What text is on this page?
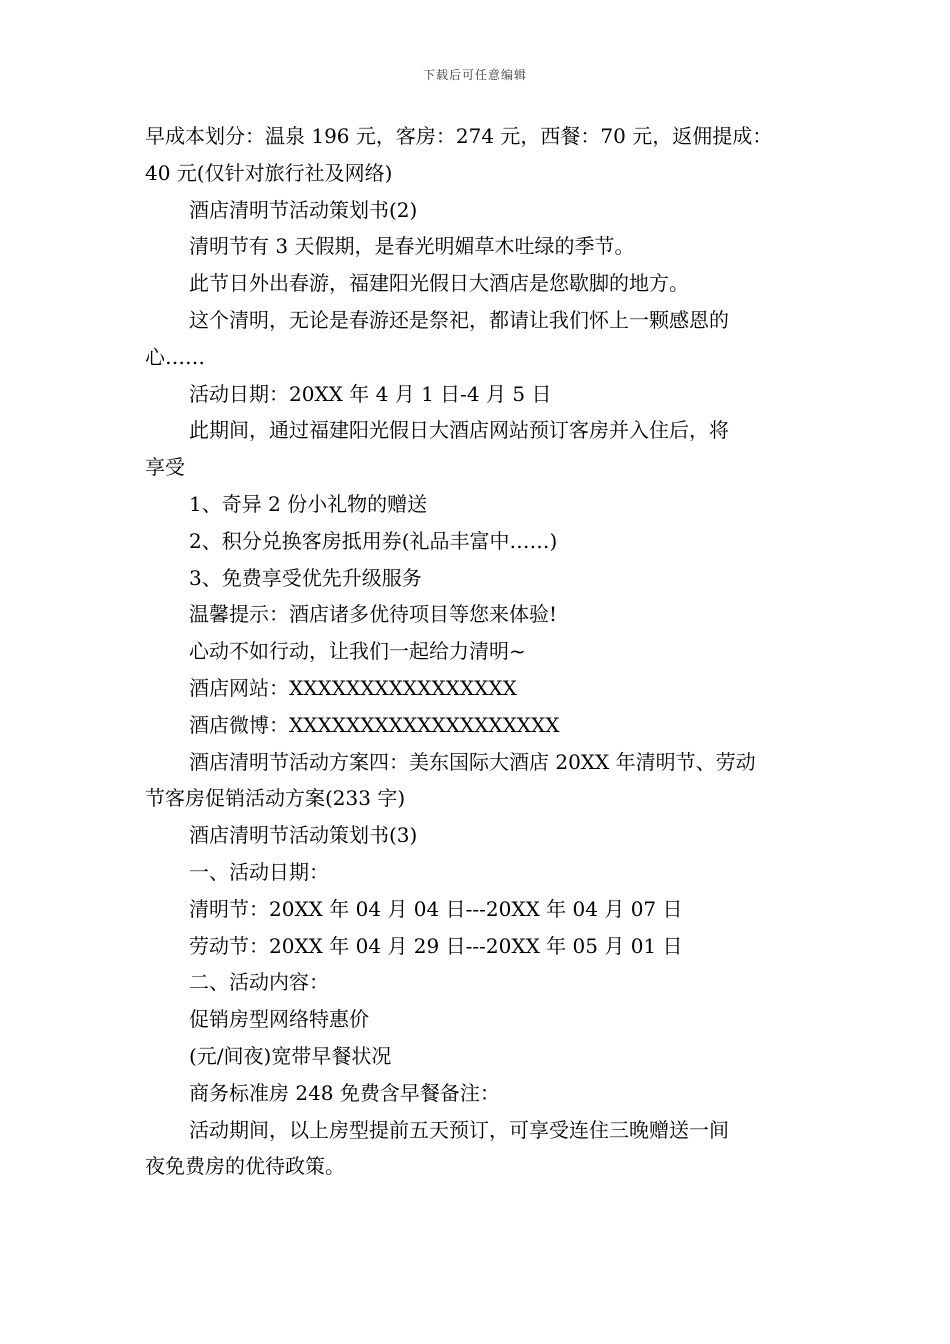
下载后可任意编辑

早成本划分：温泉 196 元，客房：274 元，西餐：70 元，返佣提成：

40 元(仅针对旅行社及网络)

酒店清明节活动策划书(2)

清明节有 3 天假期，是春光明媚草木吐绿的季节。

此节日外出春游，福建阳光假日大酒店是您歇脚的地方。

这个清明，无论是春游还是祭祀，都请让我们怀上一颗感恩的

心……

活动日期：20XX 年 4 月 1 日-4 月 5 日

此期间，通过福建阳光假日大酒店网站预订客房并入住后，将

享受

1、奇异 2 份小礼物的赠送

2、积分兑换客房抵用券(礼品丰富中……)

3、免费享受优先升级服务

温馨提示：酒店诸多优待项目等您来体验!

心动不如行动，让我们一起给力清明~

酒店网站：XXXXXXXXXXXXXXXX

酒店微博：XXXXXXXXXXXXXXXXXXX

酒店清明节活动方案四：美东国际大酒店 20XX 年清明节、劳动

节客房促销活动方案(233 字)

酒店清明节活动策划书(3)

一、活动日期：

清明节：20XX 年 04 月 04 日---20XX 年 04 月 07 日

劳动节：20XX 年 04 月 29 日---20XX 年 05 月 01 日

二、活动内容：

促销房型网络特惠价

(元/间夜)宽带早餐状况

商务标准房 248 免费含早餐备注：

活动期间，以上房型提前五天预订，可享受连住三晚赠送一间

夜免费房的优待政策。
